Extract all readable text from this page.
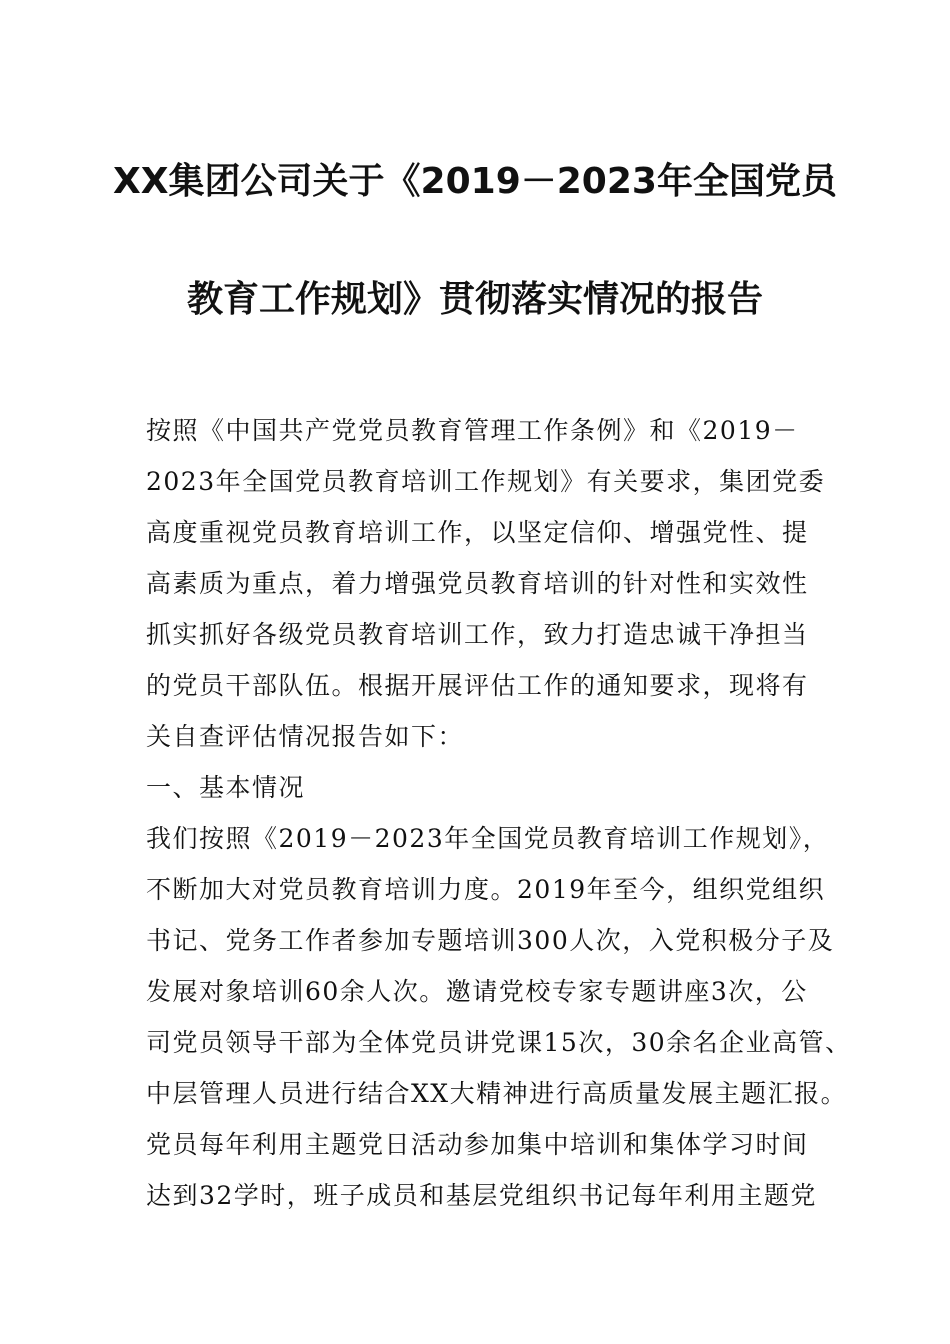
XX集团公司关于《2019－2023年全国党员
教育工作规划》贯彻落实情况的报告
按照《中国共产党党员教育管理工作条例》和《2019－
2023年全国党员教育培训工作规划》有关要求，集团党委
高度重视党员教育培训工作，以坚定信仰、增强党性、提
高素质为重点，着力增强党员教育培训的针对性和实效性
抓实抓好各级党员教育培训工作，致力打造忠诚干净担当
的党员干部队伍。根据开展评估工作的通知要求，现将有
关自查评估情况报告如下：
一、基本情况
我们按照《2019－2023年全国党员教育培训工作规划》，
不断加大对党员教育培训力度。2019年至今，组织党组织
书记、党务工作者参加专题培训300人次，入党积极分子及
发展对象培训60余人次。邀请党校专家专题讲座3次，公
司党员领导干部为全体党员讲党课15次，30余名企业高管、
中层管理人员进行结合XX大精神进行高质量发展主题汇报。
党员每年利用主题党日活动参加集中培训和集体学习时间
达到32学时，班子成员和基层党组织书记每年利用主题党
